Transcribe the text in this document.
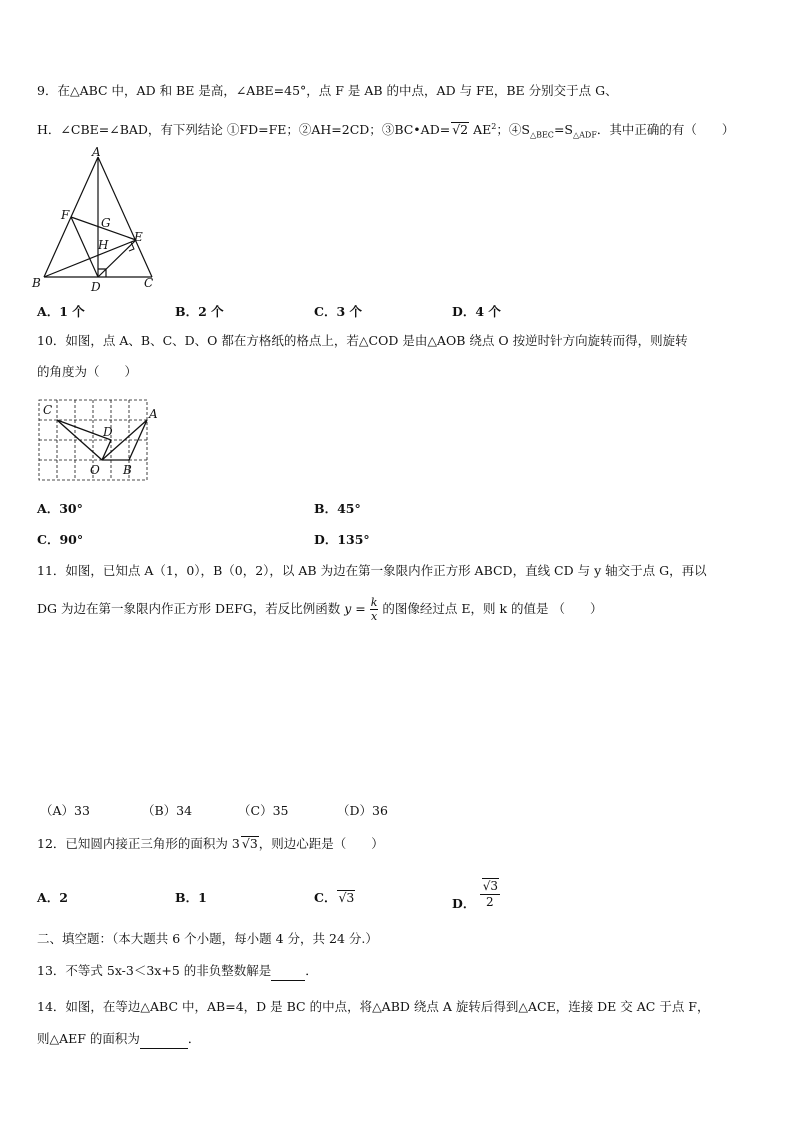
9．在△ABC 中，AD 和 BE 是高，∠ABE=45°，点 F 是 AB 的中点，AD 与 FE，BE 分别交于点 G、
H．∠CBE=∠BAD，有下列结论 ①FD=FE；②AH=2CD；③BC•AD= √2 $AE^2$；$④S_{\triangle BEC}=S_{\triangle ADF}$．其中正确的有（　　）
A
B	C
D
E
F
G
H
A．1 个	B．2 个	C．3 个	D．4 个
10．如图，点 A、B、C、D、O 都在方格纸的格点上，若△COD 是由△AOB 绕点 O 按逆时针方向旋转而得，则旋转
的角度为（　　）
C	A
D
O B
A．30°	B．45°
C．90°	D．135°
11．如图，已知点 A（1，0），B（0，2），以 AB 为边在第一象限内作正方形 ABCD，直线 CD 与 y 轴交于点 G，再以
DG 为边在第一象限内作正方形 DEFG，若反比例函数 $y = \frac{k}{x}$ 的图像经过点 E，则 k 的值是 （　　）
（A）33	（B）34	（C）35	（D）36
12．已知圆内接正三角形的面积为 3 √3，则边心距是（　　）
A．2	B．1	C． √3	D． $\frac{√3}{2}$
二、填空题：（本大题共 6 个小题，每小题 4 分，共 24 分.）
13．不等式 5x-3＜3x+5 的非负整数解是	．
14．如图，在等边△ABC 中，AB=4，D 是 BC 的中点，将△ABD 绕点 A 旋转后得到△ACE，连接 DE 交 AC 于点 F，
则△AEF 的面积为	．
